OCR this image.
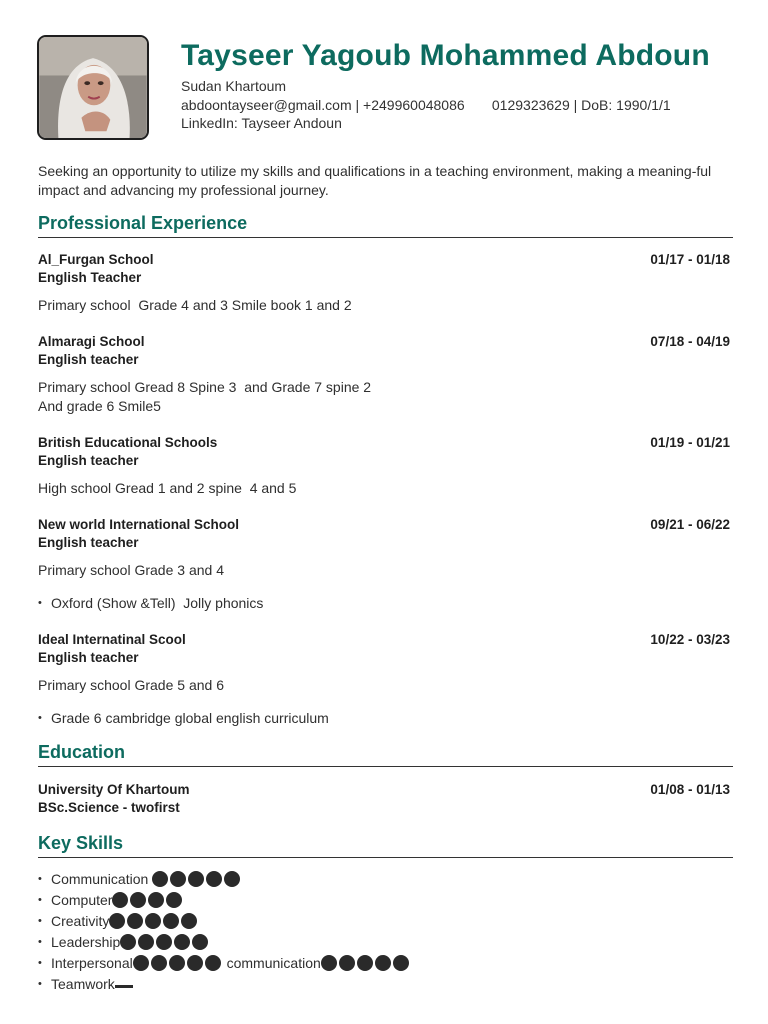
Tayseer Yagoub Mohammed Abdoun
Sudan Khartoum
abdoontayseer@gmail.com | +249960048086       0129323629 | DoB: 1990/1/1
LinkedIn: Tayseer Andoun
Seeking an opportunity to utilize my skills and qualifications in a teaching environment, making a meaning-ful impact and advancing my professional journey.
Professional Experience
Al_Furgan School
English Teacher
01/17 - 01/18
Primary school  Grade 4 and 3 Smile book 1 and 2
Almaragi School
English teacher
07/18 - 04/19
Primary school Gread 8 Spine 3  and Grade 7 spine 2
And grade 6 Smile5
British Educational Schools
English teacher
01/19 - 01/21
High school Gread 1 and 2 spine  4 and 5
New world International School
English teacher
09/21 - 06/22
Primary school Grade 3 and 4
• Oxford (Show &Tell)  Jolly phonics
Ideal Internatinal Scool
English teacher
10/22 - 03/23
Primary school Grade 5 and 6
• Grade 6 cambridge global english curriculum
Education
University Of Khartoum
BSc.Science - twofirst
01/08 - 01/13
Key Skills
• Communication
• Computer
• Creativity
• Leadership
• Interpersonal	communication
• Teamwork
